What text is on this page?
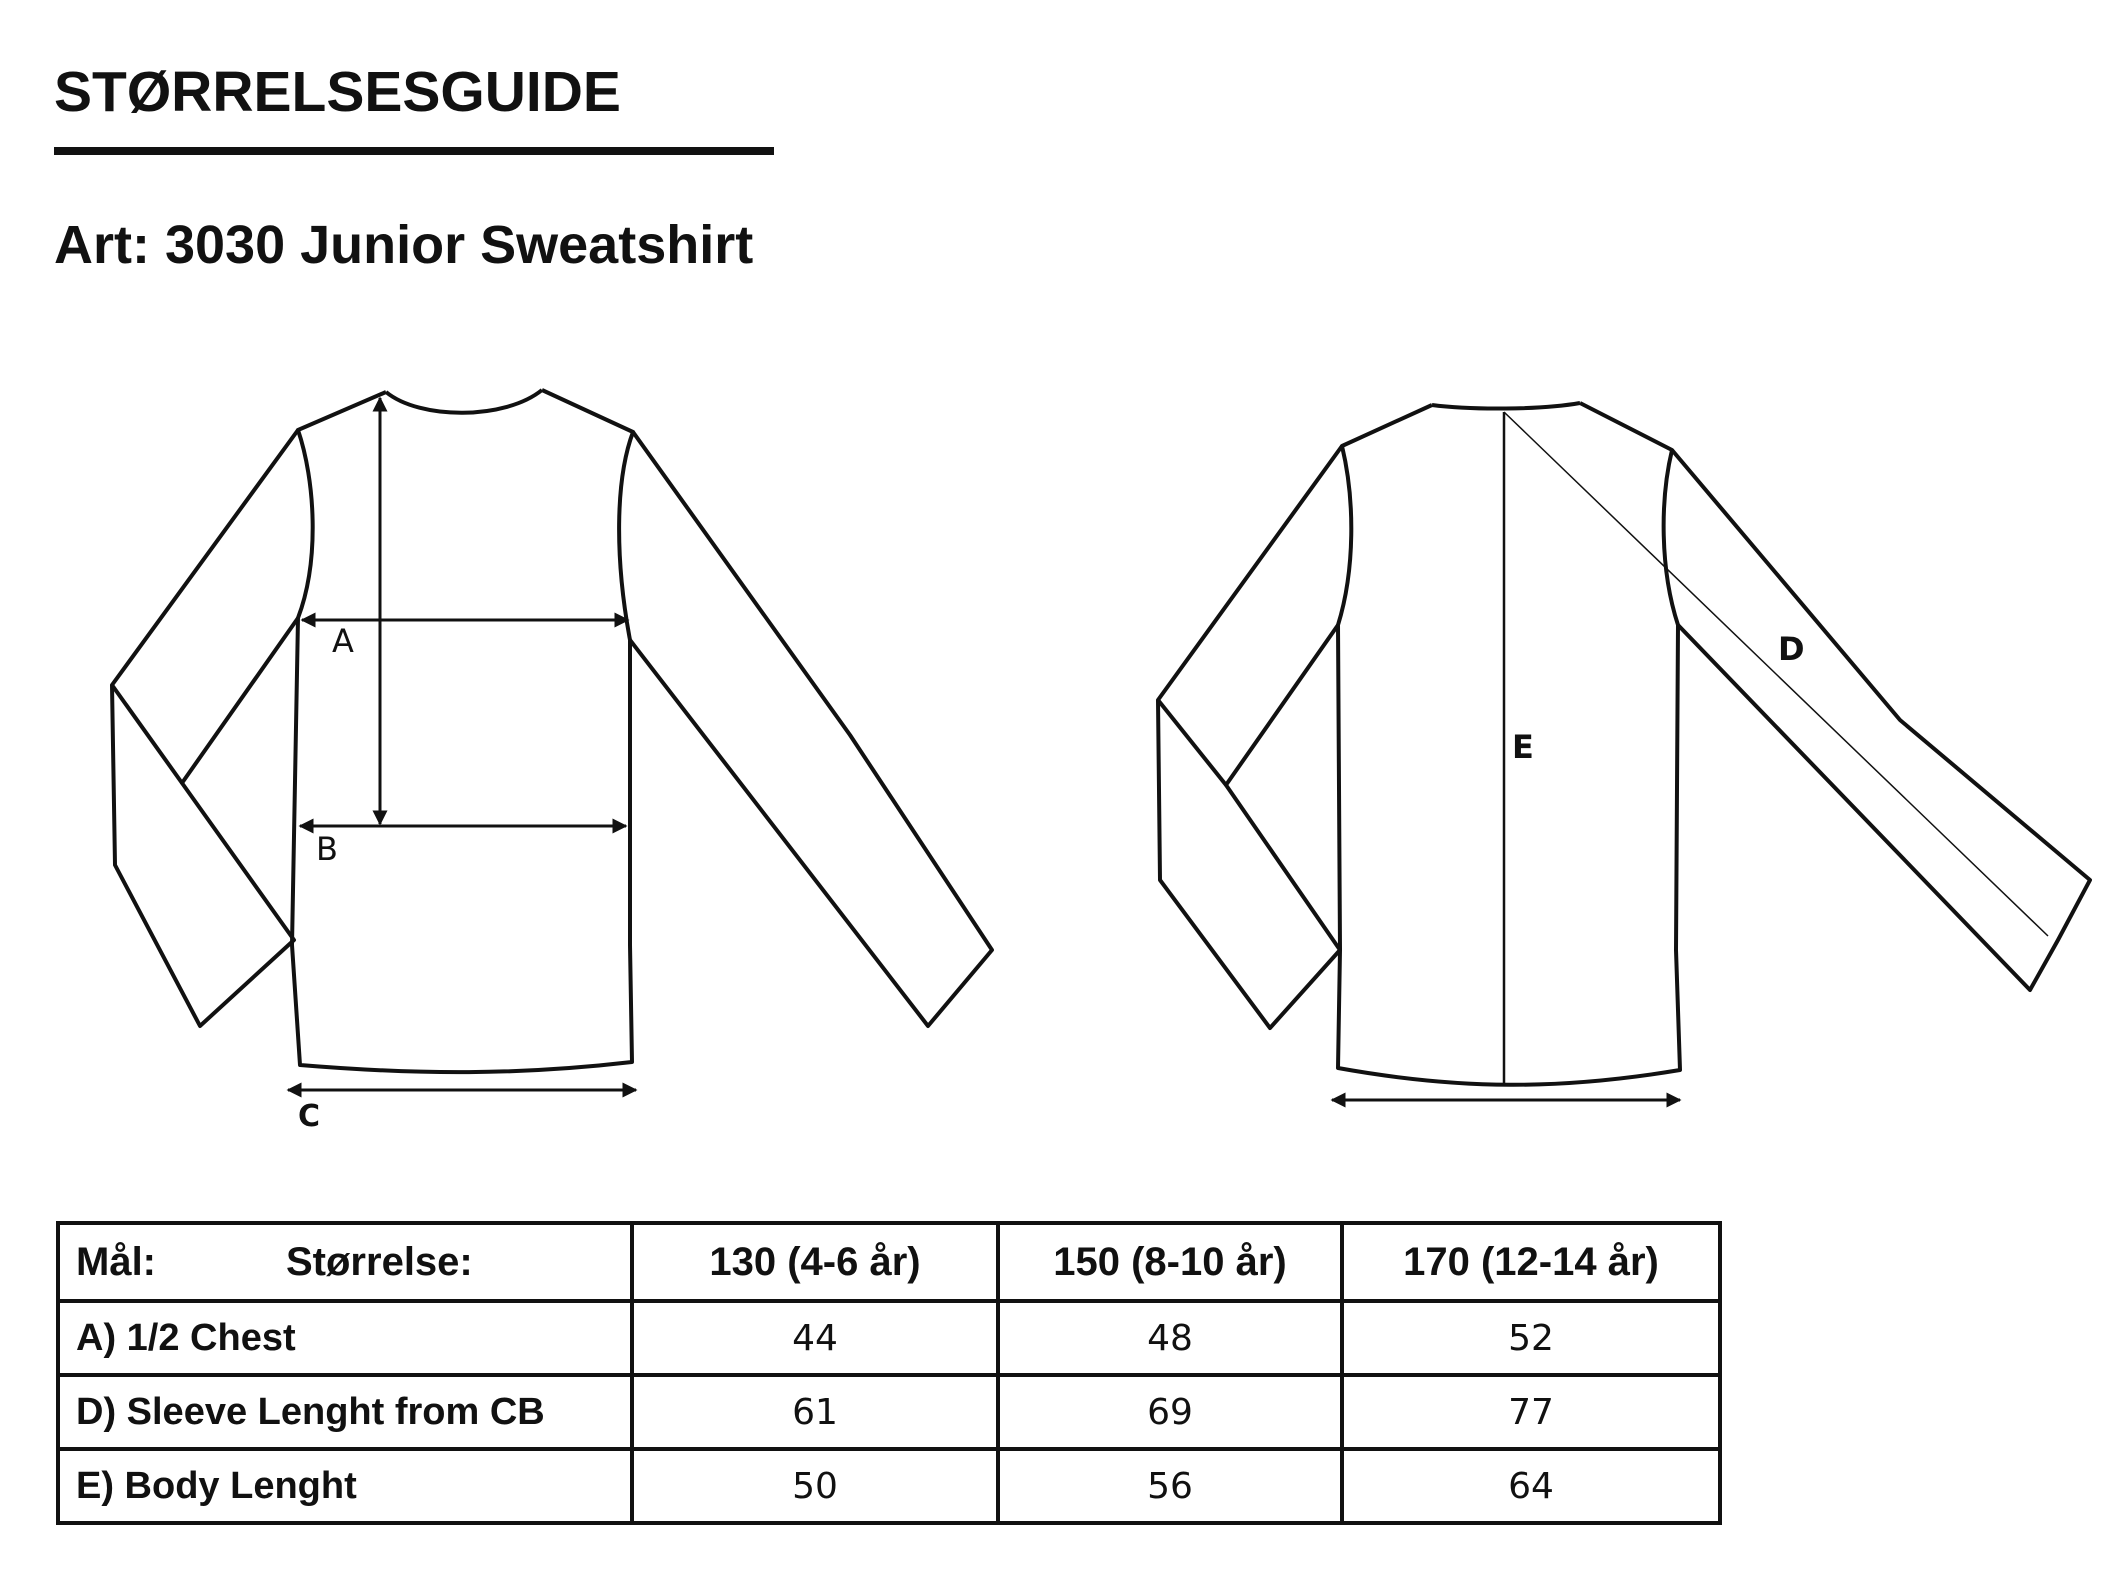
STØRRELSESGUIDE
Art: 3030 Junior Sweatshirt
A
B
C
D
E
Mål: Størrelse:	130 (4-6 år)	150 (8-10 år)	170 (12-14 år)
A) 1/2 Chest	44	48	52
D) Sleeve Lenght from CB	61	69	77
E) Body Lenght	50	56	64
